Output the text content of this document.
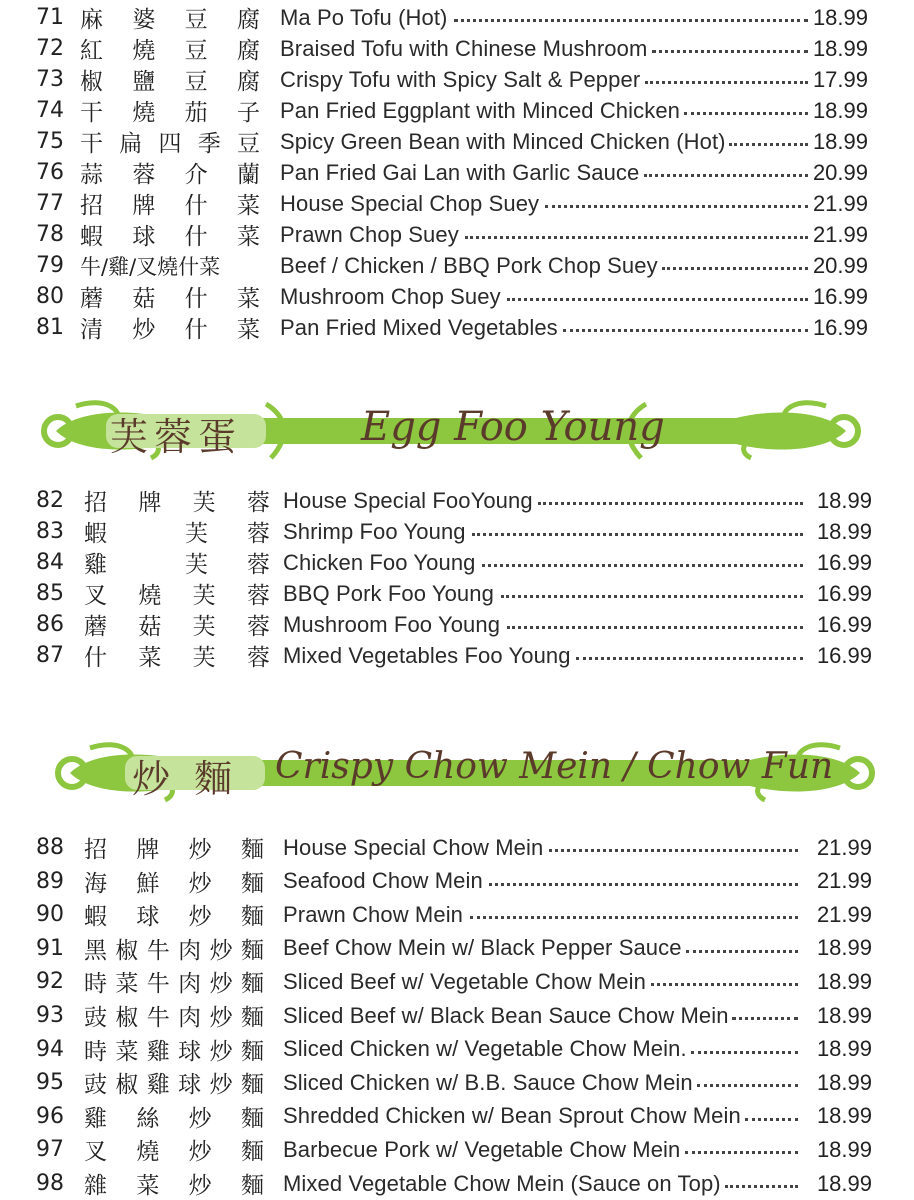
71 麻 婆 豆 腐 Ma Po Tofu (Hot)	18.99
72 紅 燒 豆 腐 Braised Tofu with Chinese Mushroom	18.99
73 椒 鹽 豆 腐 Crispy Tofu with Spicy Salt & Pepper	17.99
74 干 燒 茄 子 Pan Fried Eggplant with Minced Chicken	18.99
75 干 扁 四 季 豆 Spicy Green Bean with Minced Chicken (Hot)	18.99
76 蒜 蓉 介 蘭 Pan Fried Gai Lan with Garlic Sauce	20.99
77 招 牌 什 菜 House Special Chop Suey	21.99
78 蝦 球 什 菜 Prawn Chop Suey	21.99
79 牛/雞/叉燒什菜	Beef / Chicken / BBQ Pork Chop Suey	20.99
80 蘑 菇 什 菜 Mushroom Chop Suey	16.99
81 清 炒 什 菜 Pan Fried Mixed Vegetables	16.99
芙蓉蛋	Egg Foo Young
82 招 牌 芙 蓉 House Special FooYoung	18.99
83 蝦	芙 蓉 Shrimp Foo Young	18.99
84 雞	芙 蓉 Chicken Foo Young	16.99
85 叉 燒 芙 蓉 BBQ Pork Foo Young	16.99
86 蘑 菇 芙 蓉 Mushroom Foo Young	16.99
87 什 菜 芙 蓉 Mixed Vegetables Foo Young	16.99
炒 麵 Crispy Chow Mein / Chow Fun
88 招 牌 炒 麵 House Special Chow Mein	21.99
89 海 鮮 炒 麵 Seafood Chow Mein	21.99
90 蝦 球 炒 麵 Prawn Chow Mein	21.99
91 黑 椒 牛 肉 炒 麵 Beef Chow Mein w/ Black Pepper Sauce	18.99
92 時 菜 牛 肉 炒 麵 Sliced Beef w/ Vegetable Chow Mein	18.99
93 豉 椒 牛 肉 炒 麵 Sliced Beef w/ Black Bean Sauce Chow Mein	18.99
94 時 菜 雞 球 炒 麵 Sliced Chicken w/ Vegetable Chow Mein.	18.99
95 豉 椒 雞 球 炒 麵 Sliced Chicken w/ B.B. Sauce Chow Mein	18.99
96 雞 絲 炒 麵 Shredded Chicken w/ Bean Sprout Chow Mein	18.99
97 叉 燒 炒 麵 Barbecue Pork w/ Vegetable Chow Mein	18.99
98 雜 菜 炒 麵 Mixed Vegetable Chow Mein (Sauce on Top)	18.99
